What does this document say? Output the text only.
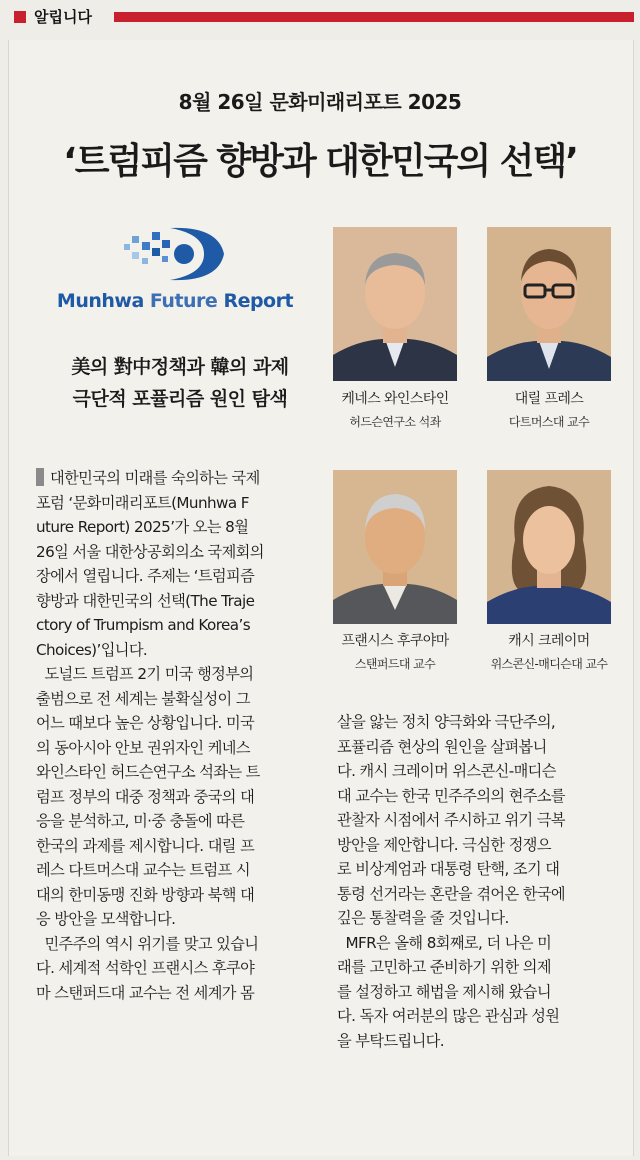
알립니다
8월 26일 문화미래리포트 2025
‘트럼피즘 향방과 대한민국의 선택’
Munhwa Future Report
美의 對中정책과 韓의 과제
극단적 포퓰리즘 원인 탐색	케네스 와인스타인
허드슨연구소 석좌
대릴 프레스
다트머스대 교수
프랜시스 후쿠야마
스탠퍼드대 교수
캐시 크레이머
위스콘신-매디슨대 교수
대한민국의 미래를 숙의하는 국제
포럼 ‘문화미래리포트(Munhwa F
uture Report) 2025’가 오는 8월
26일 서울 대한상공회의소 국제회의
장에서 열립니다. 주제는 ‘트럼피즘
향방과 대한민국의 선택(The Traje
ctory of Trumpism and Korea’s
Choices)’입니다.
도널드 트럼프 2기 미국 행정부의
출범으로 전 세계는 불확실성이 그
어느 때보다 높은 상황입니다. 미국
의 동아시아 안보 권위자인 케네스
와인스타인 허드슨연구소 석좌는 트
럼프 정부의 대중 정책과 중국의 대
응을 분석하고, 미·중 충돌에 따른
한국의 과제를 제시합니다. 대릴 프
레스 다트머스대 교수는 트럼프 시
대의 한미동맹 진화 방향과 북핵 대
응 방안을 모색합니다.
민주주의 역시 위기를 맞고 있습니
다. 세계적 석학인 프랜시스 후쿠야
마 스탠퍼드대 교수는 전 세계가 몸
살을 앓는 정치 양극화와 극단주의,
포퓰리즘 현상의 원인을 살펴봅니
다. 캐시 크레이머 위스콘신-매디슨
대 교수는 한국 민주주의의 현주소를
관찰자 시점에서 주시하고 위기 극복
방안을 제안합니다. 극심한 정쟁으
로 비상계엄과 대통령 탄핵, 조기 대
통령 선거라는 혼란을 겪어온 한국에
깊은 통찰력을 줄 것입니다.
MFR은 올해 8회째로, 더 나은 미
래를 고민하고 준비하기 위한 의제
를 설정하고 해법을 제시해 왔습니
다. 독자 여러분의 많은 관심과 성원
을 부탁드립니다.
